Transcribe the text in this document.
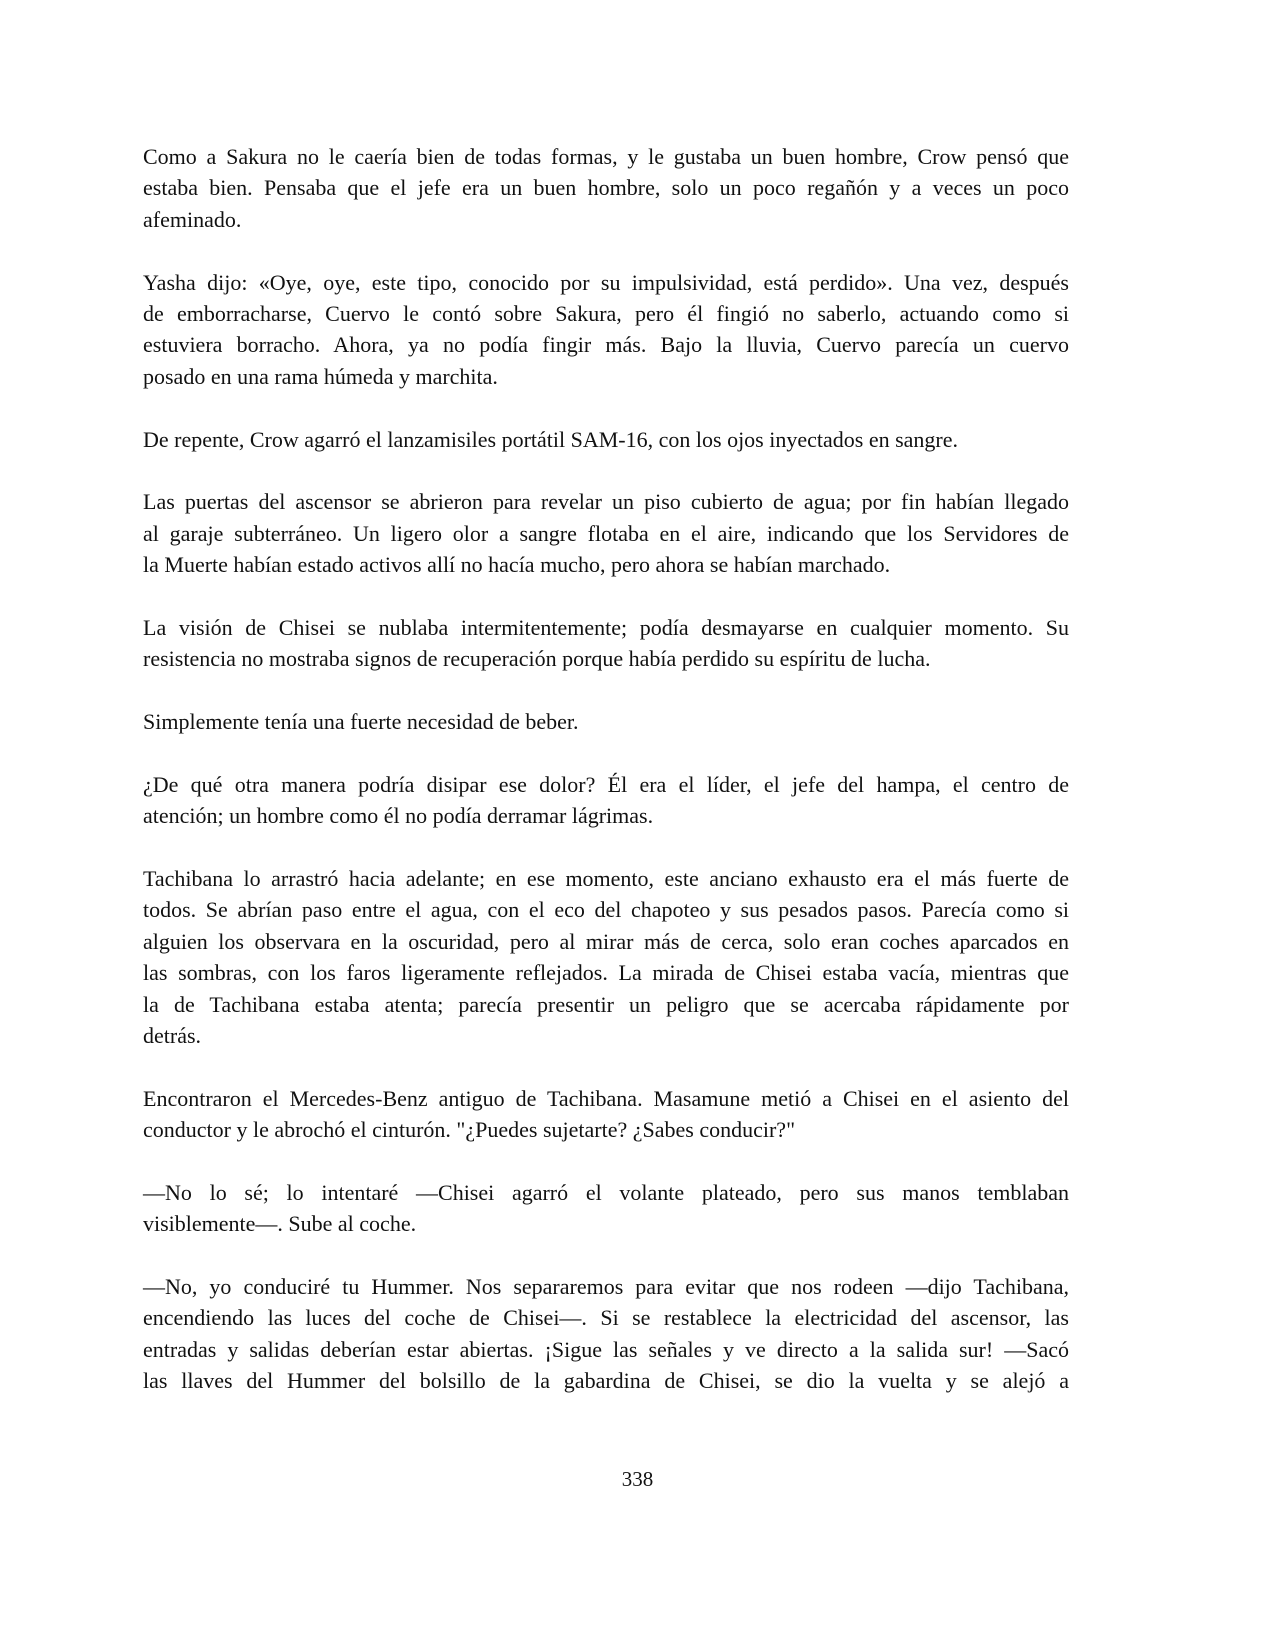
Como a Sakura no le caería bien de todas formas, y le gustaba un buen hombre, Crow pensó que
estaba bien. Pensaba que el jefe era un buen hombre, solo un poco regañón y a veces un poco
afeminado.
Yasha dijo: «Oye, oye, este tipo, conocido por su impulsividad, está perdido». Una vez, después
de emborracharse, Cuervo le contó sobre Sakura, pero él fingió no saberlo, actuando como si
estuviera borracho. Ahora, ya no podía fingir más. Bajo la lluvia, Cuervo parecía un cuervo
posado en una rama húmeda y marchita.
De repente, Crow agarró el lanzamisiles portátil SAM-16, con los ojos inyectados en sangre.
Las puertas del ascensor se abrieron para revelar un piso cubierto de agua; por fin habían llegado
al garaje subterráneo. Un ligero olor a sangre flotaba en el aire, indicando que los Servidores de
la Muerte habían estado activos allí no hacía mucho, pero ahora se habían marchado.
La visión de Chisei se nublaba intermitentemente; podía desmayarse en cualquier momento. Su
resistencia no mostraba signos de recuperación porque había perdido su espíritu de lucha.
Simplemente tenía una fuerte necesidad de beber.
¿De qué otra manera podría disipar ese dolor? Él era el líder, el jefe del hampa, el centro de
atención; un hombre como él no podía derramar lágrimas.
Tachibana lo arrastró hacia adelante; en ese momento, este anciano exhausto era el más fuerte de
todos. Se abrían paso entre el agua, con el eco del chapoteo y sus pesados pasos. Parecía como si
alguien los observara en la oscuridad, pero al mirar más de cerca, solo eran coches aparcados en
las sombras, con los faros ligeramente reflejados. La mirada de Chisei estaba vacía, mientras que
la de Tachibana estaba atenta; parecía presentir un peligro que se acercaba rápidamente por
detrás.
Encontraron el Mercedes-Benz antiguo de Tachibana. Masamune metió a Chisei en el asiento del
conductor y le abrochó el cinturón. "¿Puedes sujetarte? ¿Sabes conducir?"
—No lo sé; lo intentaré —Chisei agarró el volante plateado, pero sus manos temblaban
visiblemente—. Sube al coche.
—No, yo conduciré tu Hummer. Nos separaremos para evitar que nos rodeen —dijo Tachibana,
encendiendo las luces del coche de Chisei—. Si se restablece la electricidad del ascensor, las
entradas y salidas deberían estar abiertas. ¡Sigue las señales y ve directo a la salida sur! —Sacó
las llaves del Hummer del bolsillo de la gabardina de Chisei, se dio la vuelta y se alejó a
338
